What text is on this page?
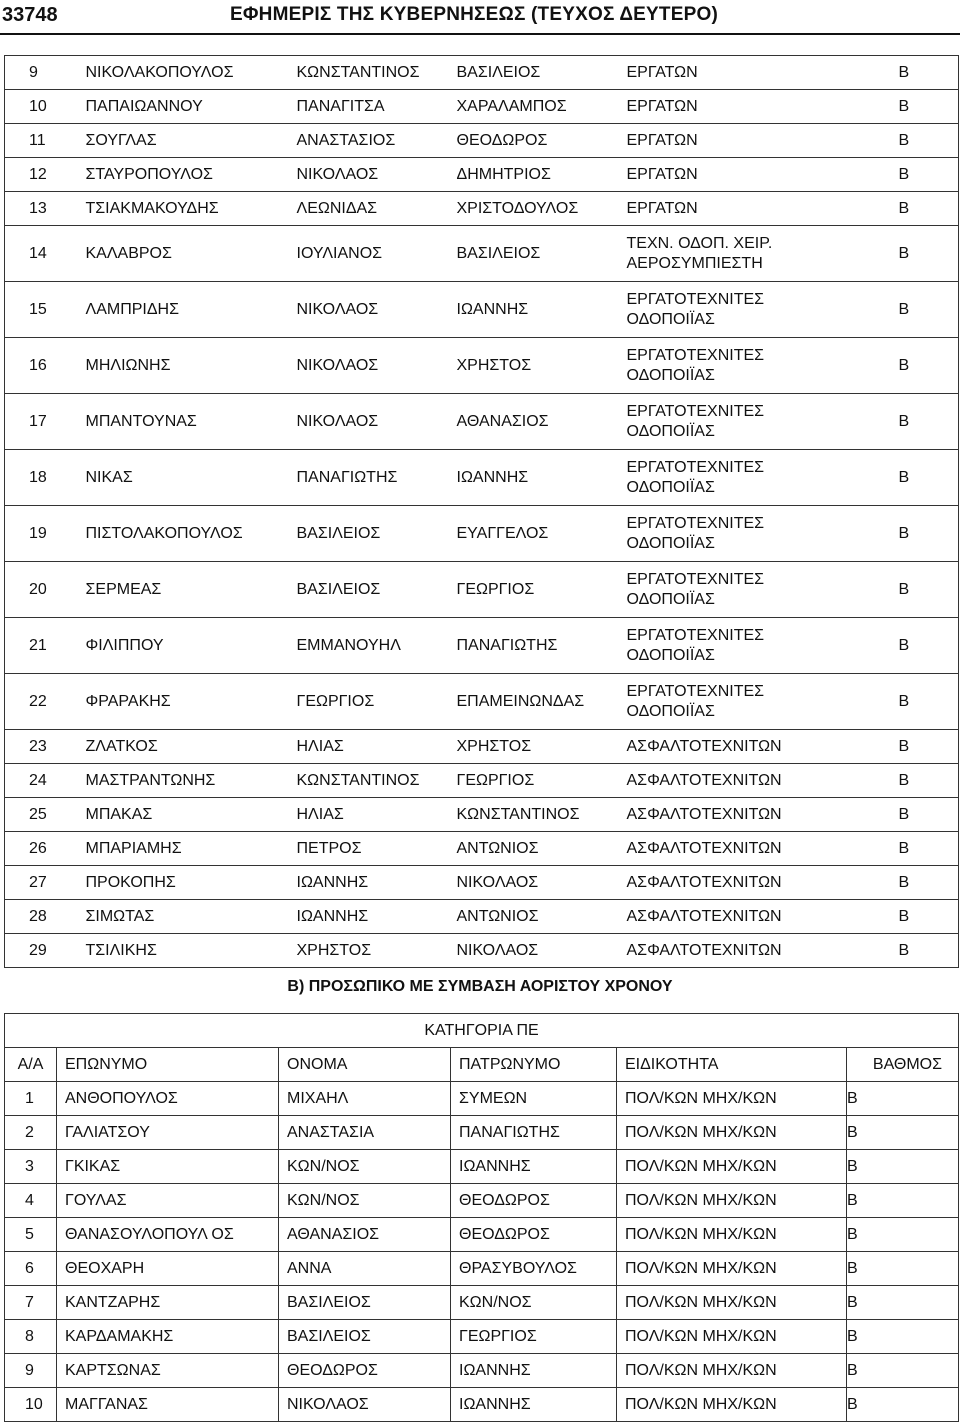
33748	ΕΦΗΜΕΡΙΣ ΤΗΣ ΚΥΒΕΡΝΗΣΕΩΣ (ΤΕΥΧΟΣ ΔΕΥΤΕΡΟ)
9	ΝΙΚΟΛΑΚΟΠΟΥΛΟΣ	ΚΩΝΣΤΑΝΤΙΝΟΣ	ΒΑΣΙΛΕΙΟΣ	ΕΡΓΑΤΩΝ	Β
10	ΠΑΠΑΙΩΑΝΝΟΥ	ΠΑΝΑΓΙΤΣΑ	ΧΑΡΑΛΑΜΠΟΣ	ΕΡΓΑΤΩΝ	Β
11	ΣΟΥΓΛΑΣ	ΑΝΑΣΤΑΣΙΟΣ	ΘΕΟΔΩΡΟΣ	ΕΡΓΑΤΩΝ	Β
12	ΣΤΑΥΡΟΠΟΥΛΟΣ	ΝΙΚΟΛΑΟΣ	ΔΗΜΗΤΡΙΟΣ	ΕΡΓΑΤΩΝ	Β
13	ΤΣΙΑΚΜΑΚΟΥΔΗΣ	ΛΕΩΝΙΔΑΣ	ΧΡΙΣΤΟΔΟΥΛΟΣ	ΕΡΓΑΤΩΝ	Β
14	ΚΑΛΑΒΡΟΣ	ΙΟΥΛΙΑΝΟΣ	ΒΑΣΙΛΕΙΟΣ	ΤΕΧΝ. ΟΔΟΠ. ΧΕΙΡ.
ΑΕΡΟΣΥΜΠΙΕΣΤΗ	Β
15	ΛΑΜΠΡΙΔΗΣ	ΝΙΚΟΛΑΟΣ	ΙΩΑΝΝΗΣ	ΕΡΓΑΤΟΤΕΧΝΙΤΕΣ
ΟΔΟΠΟΙΪΑΣ	Β
16	ΜΗΛΙΩΝΗΣ	ΝΙΚΟΛΑΟΣ	ΧΡΗΣΤΟΣ	ΕΡΓΑΤΟΤΕΧΝΙΤΕΣ
ΟΔΟΠΟΙΪΑΣ	Β
17	ΜΠΑΝΤΟΥΝΑΣ	ΝΙΚΟΛΑΟΣ	ΑΘΑΝΑΣΙΟΣ	ΕΡΓΑΤΟΤΕΧΝΙΤΕΣ
ΟΔΟΠΟΙΪΑΣ	Β
18	ΝΙΚΑΣ	ΠΑΝΑΓΙΩΤΗΣ	ΙΩΑΝΝΗΣ	ΕΡΓΑΤΟΤΕΧΝΙΤΕΣ
ΟΔΟΠΟΙΪΑΣ	Β
19	ΠΙΣΤΟΛΑΚΟΠΟΥΛΟΣ	ΒΑΣΙΛΕΙΟΣ	ΕΥΑΓΓΕΛΟΣ	ΕΡΓΑΤΟΤΕΧΝΙΤΕΣ
ΟΔΟΠΟΙΪΑΣ	Β
20	ΣΕΡΜΕΑΣ	ΒΑΣΙΛΕΙΟΣ	ΓΕΩΡΓΙΟΣ	ΕΡΓΑΤΟΤΕΧΝΙΤΕΣ
ΟΔΟΠΟΙΪΑΣ	Β
21	ΦΙΛΙΠΠΟΥ	ΕΜΜΑΝΟΥΗΛ	ΠΑΝΑΓΙΩΤΗΣ	ΕΡΓΑΤΟΤΕΧΝΙΤΕΣ
ΟΔΟΠΟΙΪΑΣ	Β
22	ΦΡΑΡΑΚΗΣ	ΓΕΩΡΓΙΟΣ	ΕΠΑΜΕΙΝΩΝΔΑΣ	ΕΡΓΑΤΟΤΕΧΝΙΤΕΣ
ΟΔΟΠΟΙΪΑΣ	Β
23	ΖΛΑΤΚΟΣ	ΗΛΙΑΣ	ΧΡΗΣΤΟΣ	ΑΣΦΑΛΤΟΤΕΧΝΙΤΩΝ	Β
24	ΜΑΣΤΡΑΝΤΩΝΗΣ	ΚΩΝΣΤΑΝΤΙΝΟΣ	ΓΕΩΡΓΙΟΣ	ΑΣΦΑΛΤΟΤΕΧΝΙΤΩΝ	Β
25	ΜΠΑΚΑΣ	ΗΛΙΑΣ	ΚΩΝΣΤΑΝΤΙΝΟΣ	ΑΣΦΑΛΤΟΤΕΧΝΙΤΩΝ	Β
26	ΜΠΑΡΙΑΜΗΣ	ΠΕΤΡΟΣ	ΑΝΤΩΝΙΟΣ	ΑΣΦΑΛΤΟΤΕΧΝΙΤΩΝ	Β
27	ΠΡΟΚΟΠΗΣ	ΙΩΑΝΝΗΣ	ΝΙΚΟΛΑΟΣ	ΑΣΦΑΛΤΟΤΕΧΝΙΤΩΝ	Β
28	ΣΙΜΩΤΑΣ	ΙΩΑΝΝΗΣ	ΑΝΤΩΝΙΟΣ	ΑΣΦΑΛΤΟΤΕΧΝΙΤΩΝ	Β
29	ΤΣΙΛΙΚΗΣ	ΧΡΗΣΤΟΣ	ΝΙΚΟΛΑΟΣ	ΑΣΦΑΛΤΟΤΕΧΝΙΤΩΝ	Β
Β) ΠΡΟΣΩΠΙΚΟ ΜΕ ΣΥΜΒΑΣΗ ΑΟΡΙΣΤΟΥ ΧΡΟΝΟΥ
ΚΑΤΗΓΟΡΙΑ ΠΕ					
Α/Α	ΕΠΩΝΥΜΟ	ΟΝΟΜΑ	ΠΑΤΡΩΝΥΜΟ	ΕΙΔΙΚΟΤΗΤΑ	ΒΑΘΜΟΣ
1	ΑΝΘΟΠΟΥΛΟΣ	ΜΙΧΑΗΛ	ΣΥΜΕΩΝ	ΠΟΛ/ΚΩΝ ΜΗΧ/ΚΩΝ	Β
2	ΓΑΛΙΑΤΣΟΥ	ΑΝΑΣΤΑΣΙΑ	ΠΑΝΑΓΙΩΤΗΣ	ΠΟΛ/ΚΩΝ ΜΗΧ/ΚΩΝ	Β
3	ΓΚΙΚΑΣ	ΚΩΝ/ΝΟΣ	ΙΩΑΝΝΗΣ	ΠΟΛ/ΚΩΝ ΜΗΧ/ΚΩΝ	Β
4	ΓΟΥΛΑΣ	ΚΩΝ/ΝΟΣ	ΘΕΟΔΩΡΟΣ	ΠΟΛ/ΚΩΝ ΜΗΧ/ΚΩΝ	Β
5	ΘΑΝΑΣΟΥΛΟΠΟΥΛ ΟΣ	ΑΘΑΝΑΣΙΟΣ	ΘΕΟΔΩΡΟΣ	ΠΟΛ/ΚΩΝ ΜΗΧ/ΚΩΝ	Β
6	ΘΕΟΧΑΡΗ	ΑΝΝΑ	ΘΡΑΣΥΒΟΥΛΟΣ	ΠΟΛ/ΚΩΝ ΜΗΧ/ΚΩΝ	Β
7	ΚΑΝΤΖΑΡΗΣ	ΒΑΣΙΛΕΙΟΣ	ΚΩΝ/ΝΟΣ	ΠΟΛ/ΚΩΝ ΜΗΧ/ΚΩΝ	Β
8	ΚΑΡΔΑΜΑΚΗΣ	ΒΑΣΙΛΕΙΟΣ	ΓΕΩΡΓΙΟΣ	ΠΟΛ/ΚΩΝ ΜΗΧ/ΚΩΝ	Β
9	ΚΑΡΤΣΩΝΑΣ	ΘΕΟΔΩΡΟΣ	ΙΩΑΝΝΗΣ	ΠΟΛ/ΚΩΝ ΜΗΧ/ΚΩΝ	Β
10	ΜΑΓΓΑΝΑΣ	ΝΙΚΟΛΑΟΣ	ΙΩΑΝΝΗΣ	ΠΟΛ/ΚΩΝ ΜΗΧ/ΚΩΝ	Β
